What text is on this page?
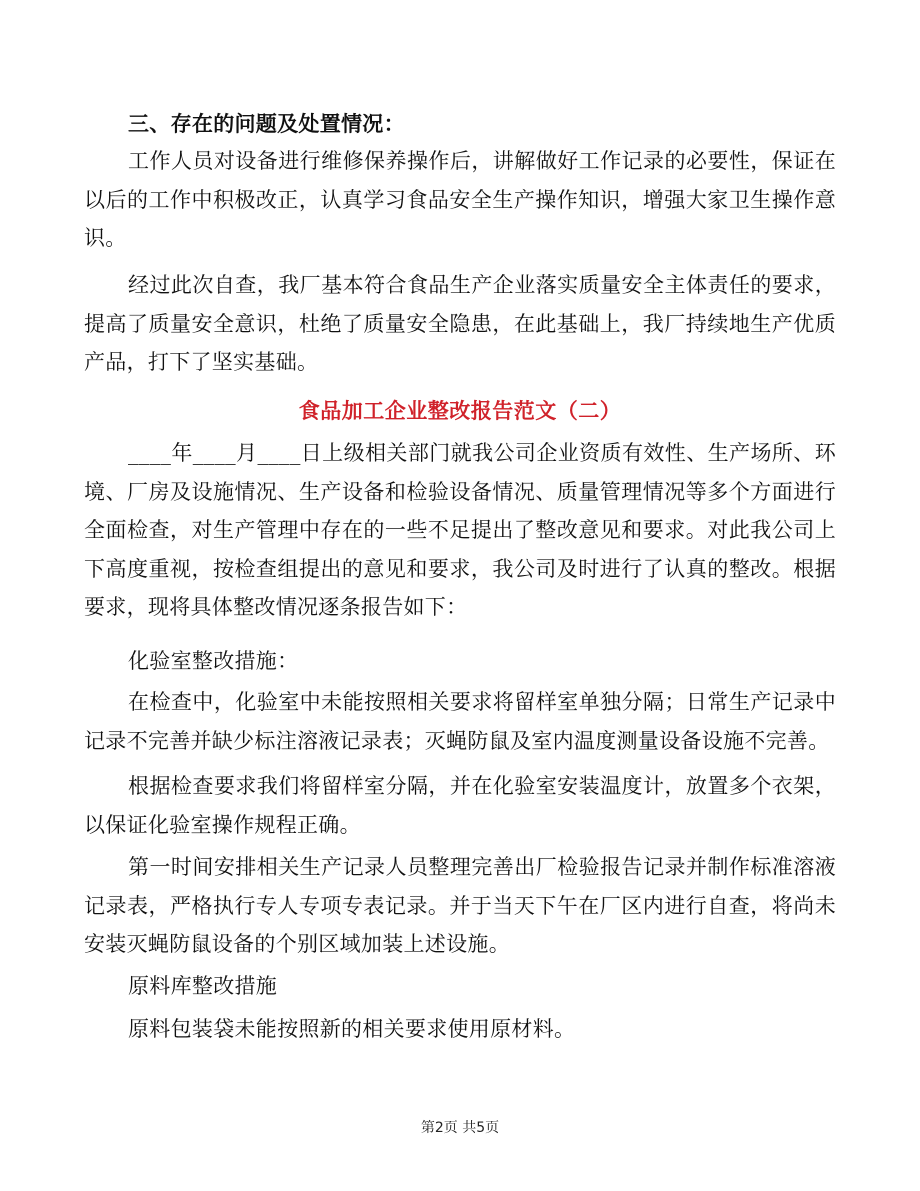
三、存在的问题及处置情况：

工作人员对设备进行维修保养操作后，讲解做好工作记录的必要性，保证在以后的工作中积极改正，认真学习食品安全生产操作知识，增强大家卫生操作意识。

经过此次自查，我厂基本符合食品生产企业落实质量安全主体责任的要求，提高了质量安全意识，杜绝了质量安全隐患，在此基础上，我厂持续地生产优质产品，打下了坚实基础。

食品加工企业整改报告范文（二）

____年____月____日上级相关部门就我公司企业资质有效性、生产场所、环境、厂房及设施情况、生产设备和检验设备情况、质量管理情况等多个方面进行全面检查，对生产管理中存在的一些不足提出了整改意见和要求。对此我公司上下高度重视，按检查组提出的意见和要求，我公司及时进行了认真的整改。根据要求，现将具体整改情况逐条报告如下：

化验室整改措施：

在检查中，化验室中未能按照相关要求将留样室单独分隔；日常生产记录中记录不完善并缺少标注溶液记录表；灭蝇防鼠及室内温度测量设备设施不完善。

根据检查要求我们将留样室分隔，并在化验室安装温度计，放置多个衣架，以保证化验室操作规程正确。

第一时间安排相关生产记录人员整理完善出厂检验报告记录并制作标准溶液记录表，严格执行专人专项专表记录。并于当天下午在厂区内进行自查，将尚未安装灭蝇防鼠设备的个别区域加装上述设施。

原料库整改措施

原料包装袋未能按照新的相关要求使用原材料。

第2页 共5页
